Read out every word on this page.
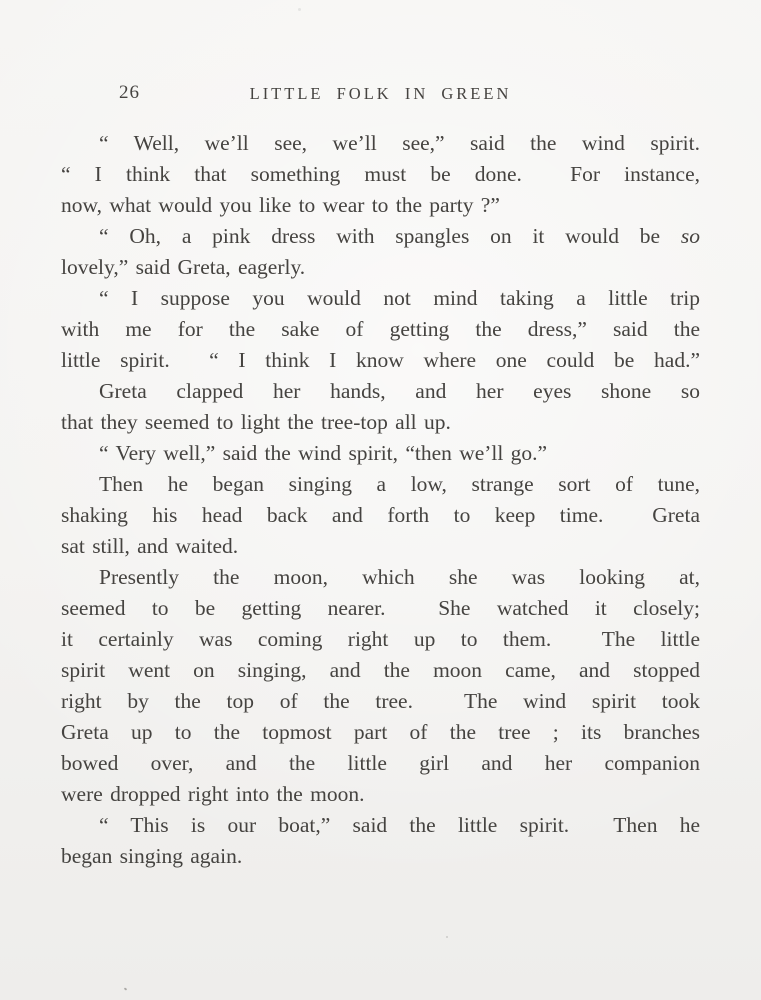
26	LITTLE FOLK IN GREEN
“ Well, we’ll see, we’ll see,” said the wind spirit.
“ I think that something must be done.  For instance,
now, what would you like to wear to the party ?”
“ Oh, a pink dress with spangles on it would be so
lovely,” said Greta, eagerly.
“ I suppose you would not mind taking a little trip
with me for the sake of getting the dress,” said the
little spirit.  “ I think I know where one could be had.”
Greta clapped her hands, and her eyes shone so
that they seemed to light the tree-top all up.
“ Very well,” said the wind spirit, “then we’ll go.”
Then he began singing a low, strange sort of tune,
shaking his head back and forth to keep time.  Greta
sat still, and waited.
Presently the moon, which she was looking at,
seemed to be getting nearer.  She watched it closely;
it certainly was coming right up to them.  The little
spirit went on singing, and the moon came, and stopped
right by the top of the tree.  The wind spirit took
Greta up to the topmost part of the tree ; its branches
bowed over, and the little girl and her companion
were dropped right into the moon.
“ This is our boat,” said the little spirit.  Then he
began singing again.
